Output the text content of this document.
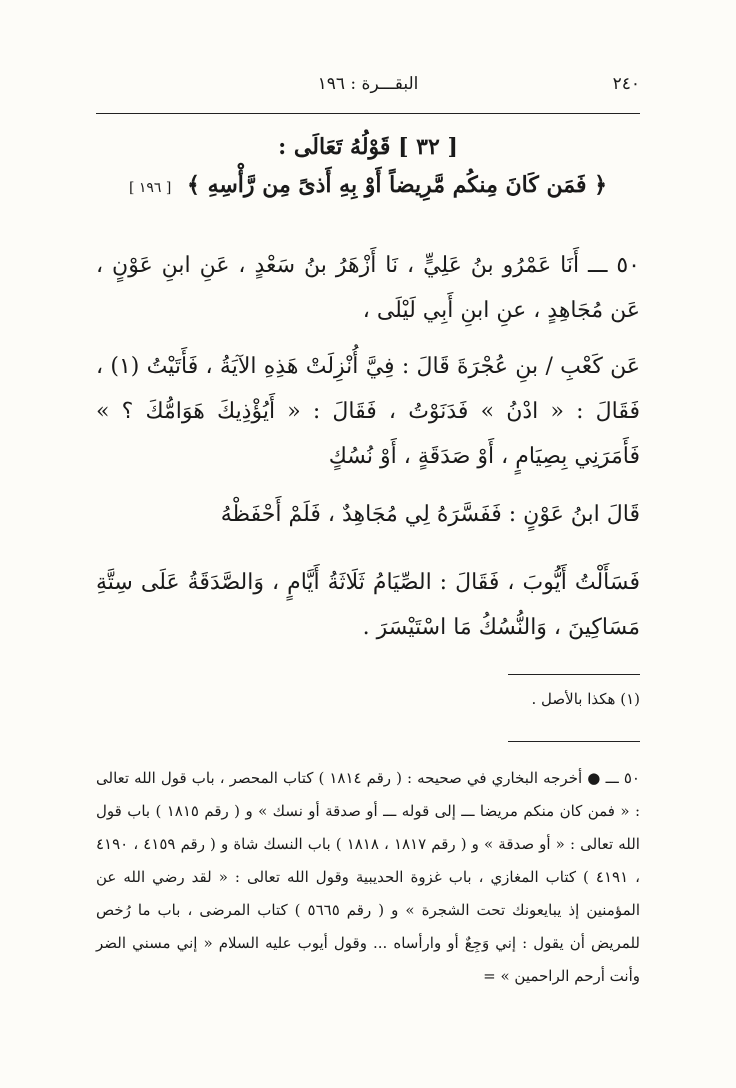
٢٤٠
البقـــرة : ١٩٦
[ ٣٢ ] قَوْلُهُ تَعَالَى :
﴿ فَمَن كَانَ مِنكُم مَّرِيضاً أَوْ بِهِ أَذىً مِن رَّأْسِهِ ﴾ [ ١٩٦ ]
٥٠ ـــ أَنَا عَمْرُو بنُ عَلِيٍّ ، نَا أَزْهَرُ بنُ سَعْدٍ ، عَنِ ابنِ عَوْنٍ ، عَن مُجَاهِدٍ ، عنِ ابنِ أَبِي لَيْلَى ،
عَن كَعْبِ / بنِ عُجْرَةَ قَالَ : فِيَّ أُنْزِلَتْ هَذِهِ الآيَةُ ، فَأَتَيْتُ (١) ، فَقَالَ : « ادْنُ » فَدَنَوْتُ ، فَقَالَ : « أَيُؤْذِيكَ هَوَامُّكَ ؟ » فَأَمَرَنِي بِصِيَامٍ ، أَوْ صَدَقَةٍ ، أَوْ نُسُكٍ
قَالَ ابنُ عَوْنٍ : فَفَسَّرَهُ لِي مُجَاهِدٌ ، فَلَمْ أَحْفَظْهُ
فَسَأَلْتُ أَيُّوبَ ، فَقَالَ : الصِّيَامُ ثَلَاثَةُ أَيَّامٍ ، وَالصَّدَقَةُ عَلَى سِتَّةِ مَسَاكِينَ ، وَالنُّسُكُ مَا اسْتَيْسَرَ .
(١) هكذا بالأصل .
٥٠ ـــ ● أخرجه البخاري في صحيحه : ( رقم ١٨١٤ ) كتاب المحصر ، باب قول الله تعالى : « فمن كان منكم مريضا ـــ إلى قوله ـــ أو صدقة أو نسك » و ( رقم ١٨١٥ ) باب قول الله تعالى : « أو صدقة » و ( رقم ١٨١٧ ، ١٨١٨ ) باب النسك شاة و ( رقم ٤١٥٩ ، ٤١٩٠ ، ٤١٩١ ) كتاب المغازي ، باب غزوة الحديبية وقول الله تعالى : « لقد رضي الله عن المؤمنين إذ يبايعونك تحت الشجرة » و ( رقم ٥٦٦٥ ) كتاب المرضى ، باب ما رُخص للمريض أن يقول : إني وَجِعٌ أو وارأساه ... وقول أيوب عليه السلام « إني مسني الضر وأنت أرحم الراحمين » =
